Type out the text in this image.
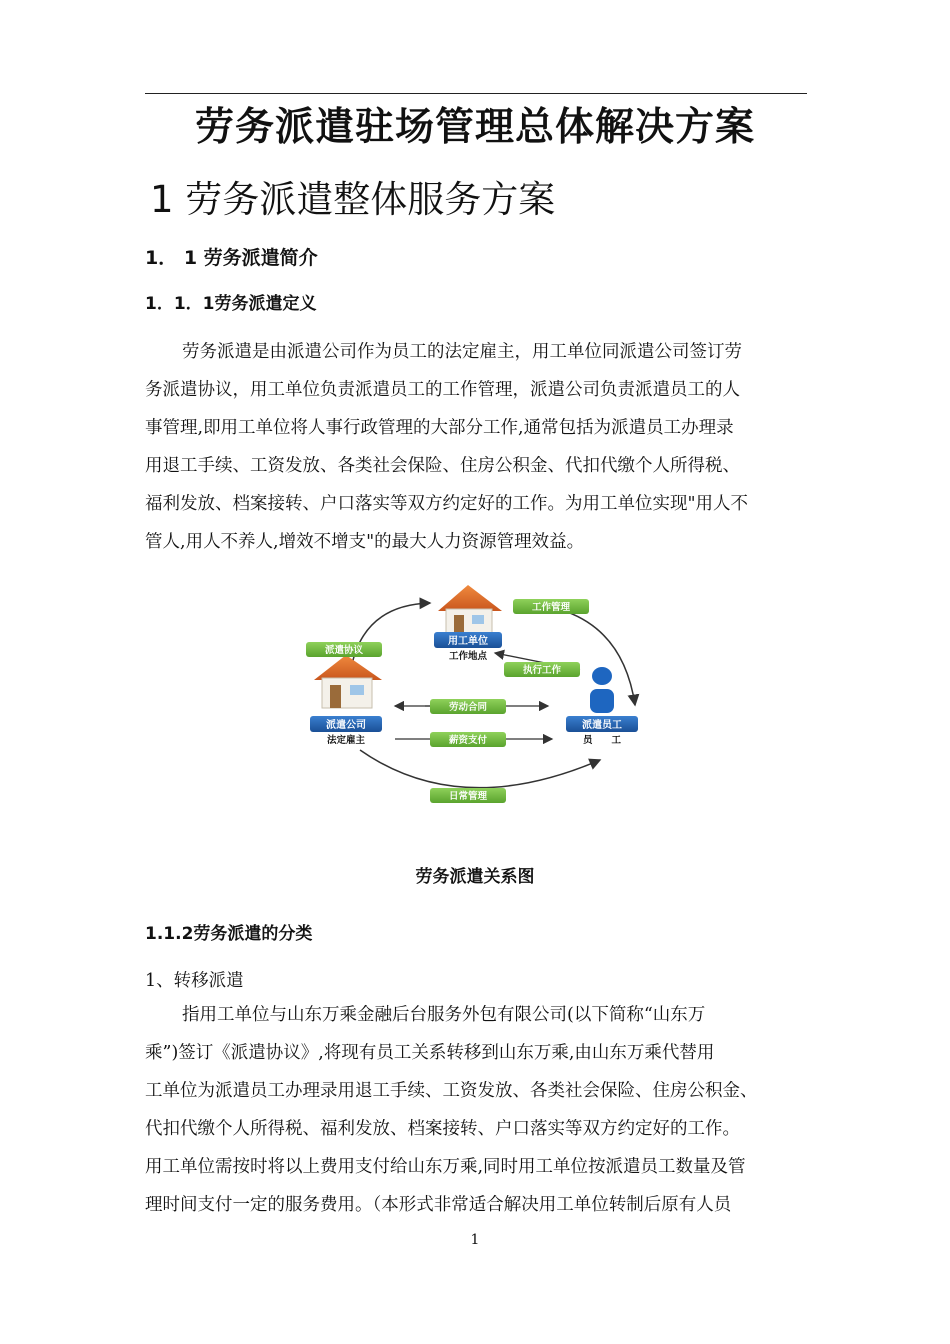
劳务派遣驻场管理总体解决方案
1 劳务派遣整体服务方案
1． 1 劳务派遣简介
1．1．1劳务派遣定义
劳务派遣是由派遣公司作为员工的法定雇主，用工单位同派遣公司签订劳
务派遣协议，用工单位负责派遣员工的工作管理，派遣公司负责派遣员工的人
事管理,即用工单位将人事行政管理的大部分工作,通常包括为派遣员工办理录
用退工手续、工资发放、各类社会保险、住房公积金、代扣代缴个人所得税、
福利发放、档案接转、户口落实等双方约定好的工作。为用工单位实现"用人不
管人,用人不养人,增效不增支"的最大人力资源管理效益。
用工单位
工作地点
派遣公司
法定雇主
派遣员工
员　　工
工作管理
派遣协议
执行工作
劳动合同
薪资支付
日常管理
劳务派遣关系图
1.1.2劳务派遣的分类
1、转移派遣
指用工单位与山东万乘金融后台服务外包有限公司(以下简称“山东万
乘”)签订《派遣协议》,将现有员工关系转移到山东万乘,由山东万乘代替用
工单位为派遣员工办理录用退工手续、工资发放、各类社会保险、住房公积金、
代扣代缴个人所得税、福利发放、档案接转、户口落实等双方约定好的工作。
用工单位需按时将以上费用支付给山东万乘,同时用工单位按派遣员工数量及管
理时间支付一定的服务费用。（本形式非常适合解决用工单位转制后原有人员
1
